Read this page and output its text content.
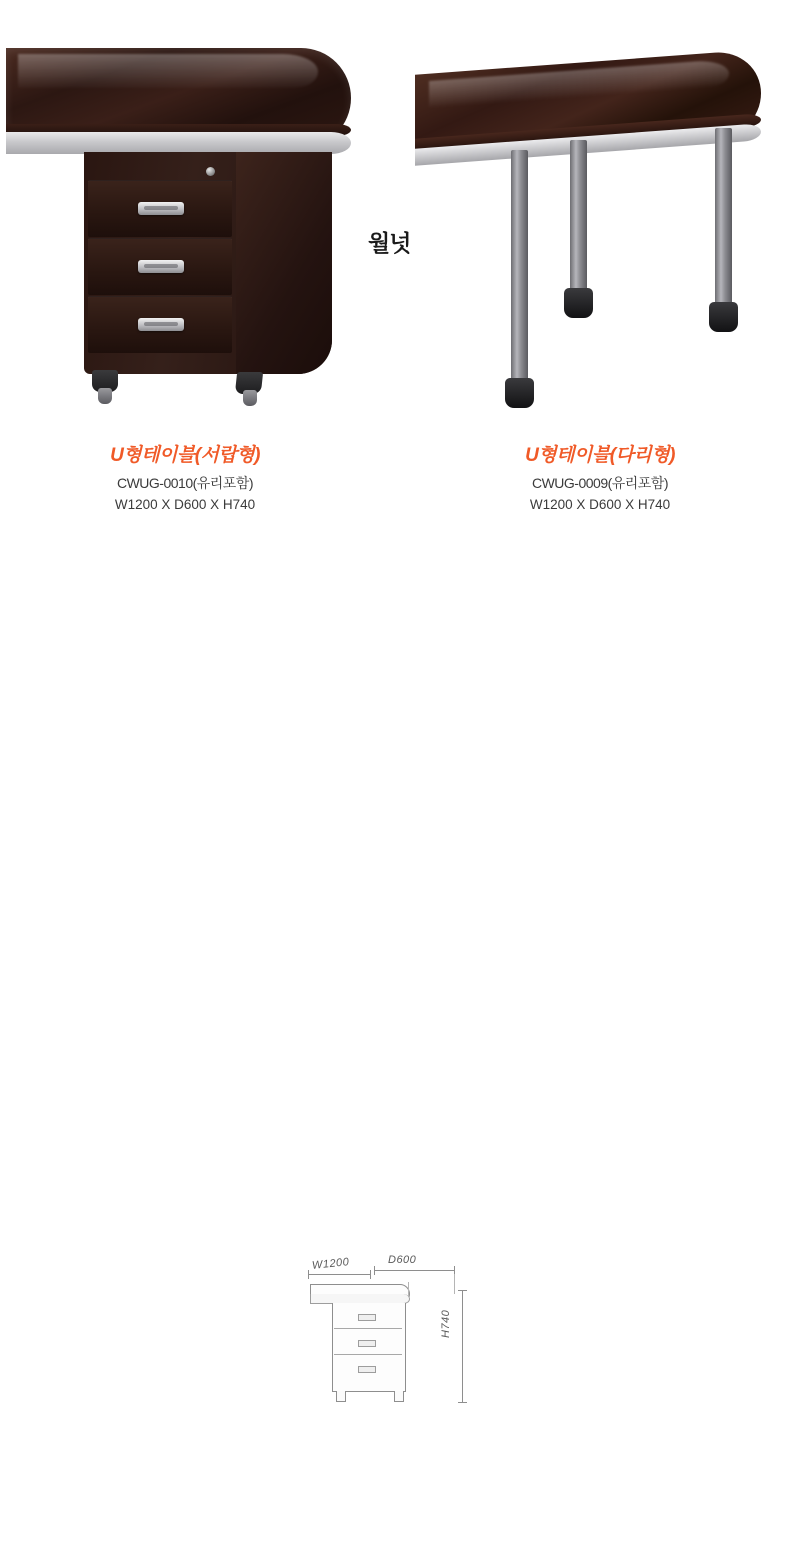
U형테이블(서랍형)

CWUG-0010(유리포함)

W1200 X D600 X H740

월넛

U형테이블(다리형)

CWUG-0009(유리포함)

W1200 X D600 X H740

W1200	D600
H740
